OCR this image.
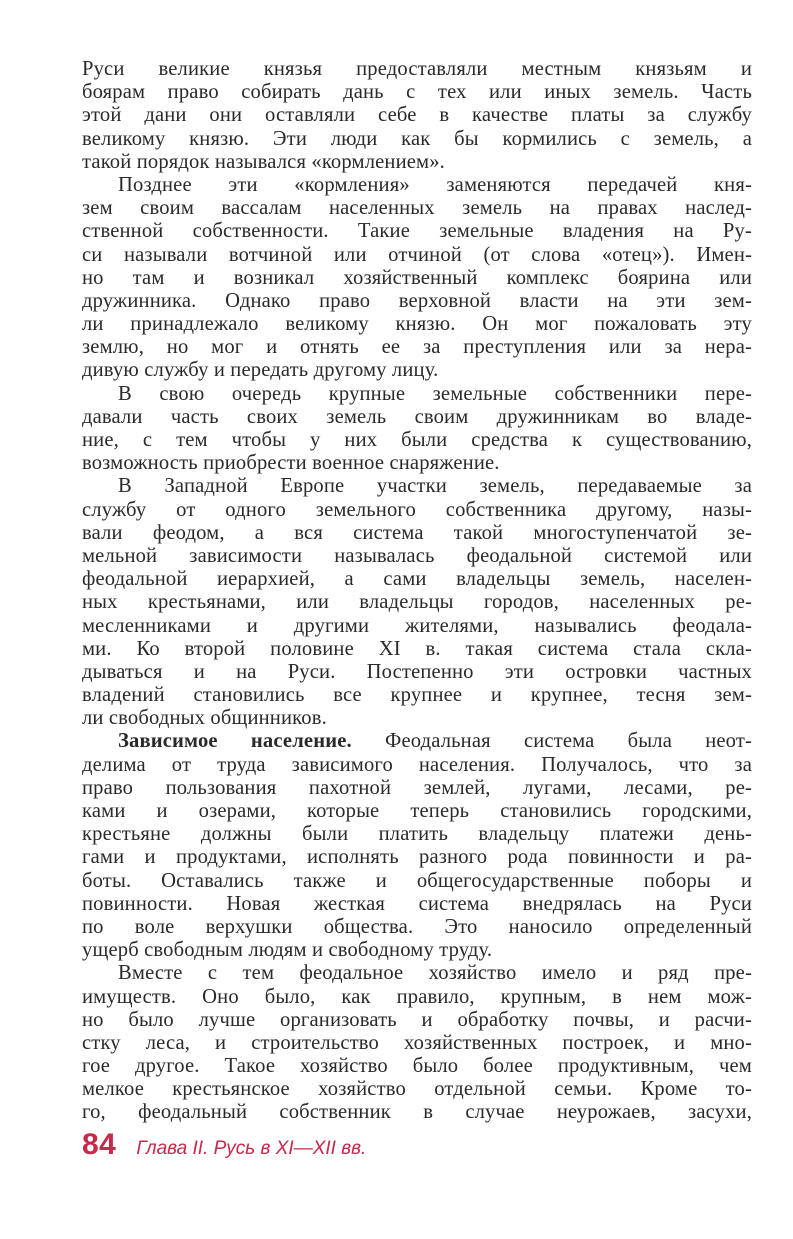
Руси великие князья предоставляли местным князьям и
боярам право собирать дань с тех или иных земель. Часть
этой дани они оставляли себе в качестве платы за службу
великому князю. Эти люди как бы кормились с земель, а
такой порядок назывался «кормлением».
Позднее эти «кормления» заменяются передачей кня-
зем своим вассалам населенных земель на правах наслед-
ственной собственности. Такие земельные владения на Ру-
си называли вотчиной или отчиной (от слова «отец»). Имен-
но там и возникал хозяйственный комплекс боярина или
дружинника. Однако право верховной власти на эти зем-
ли принадлежало великому князю. Он мог пожаловать эту
землю, но мог и отнять ее за преступления или за нера-
дивую службу и передать другому лицу.
В свою очередь крупные земельные собственники пере-
давали часть своих земель своим дружинникам во владе-
ние, с тем чтобы у них были средства к существованию,
возможность приобрести военное снаряжение.
В Западной Европе участки земель, передаваемые за
службу от одного земельного собственника другому, назы-
вали феодом, а вся система такой многоступенчатой зе-
мельной зависимости называлась феодальной системой или
феодальной иерархией, а сами владельцы земель, населен-
ных крестьянами, или владельцы городов, населенных ре-
месленниками и другими жителями, назывались феодала-
ми. Ко второй половине XI в. такая система стала скла-
дываться и на Руси. Постепенно эти островки частных
владений становились все крупнее и крупнее, тесня зем-
ли свободных общинников.
Зависимое население. Феодальная система была неот-
делима от труда зависимого населения. Получалось, что за
право пользования пахотной землей, лугами, лесами, ре-
ками и озерами, которые теперь становились городскими,
крестьяне должны были платить владельцу платежи день-
гами и продуктами, исполнять разного рода повинности и ра-
боты. Оставались также и общегосударственные поборы и
повинности. Новая жесткая система внедрялась на Руси
по воле верхушки общества. Это наносило определенный
ущерб свободным людям и свободному труду.
Вместе с тем феодальное хозяйство имело и ряд пре-
имуществ. Оно было, как правило, крупным, в нем мож-
но было лучше организовать и обработку почвы, и расчи-
стку леса, и строительство хозяйственных построек, и мно-
гое другое. Такое хозяйство было более продуктивным, чем
мелкое крестьянское хозяйство отдельной семьи. Кроме то-
го, феодальный собственник в случае неурожаев, засухи,
84 Глава II. Русь в XI—XII вв.
